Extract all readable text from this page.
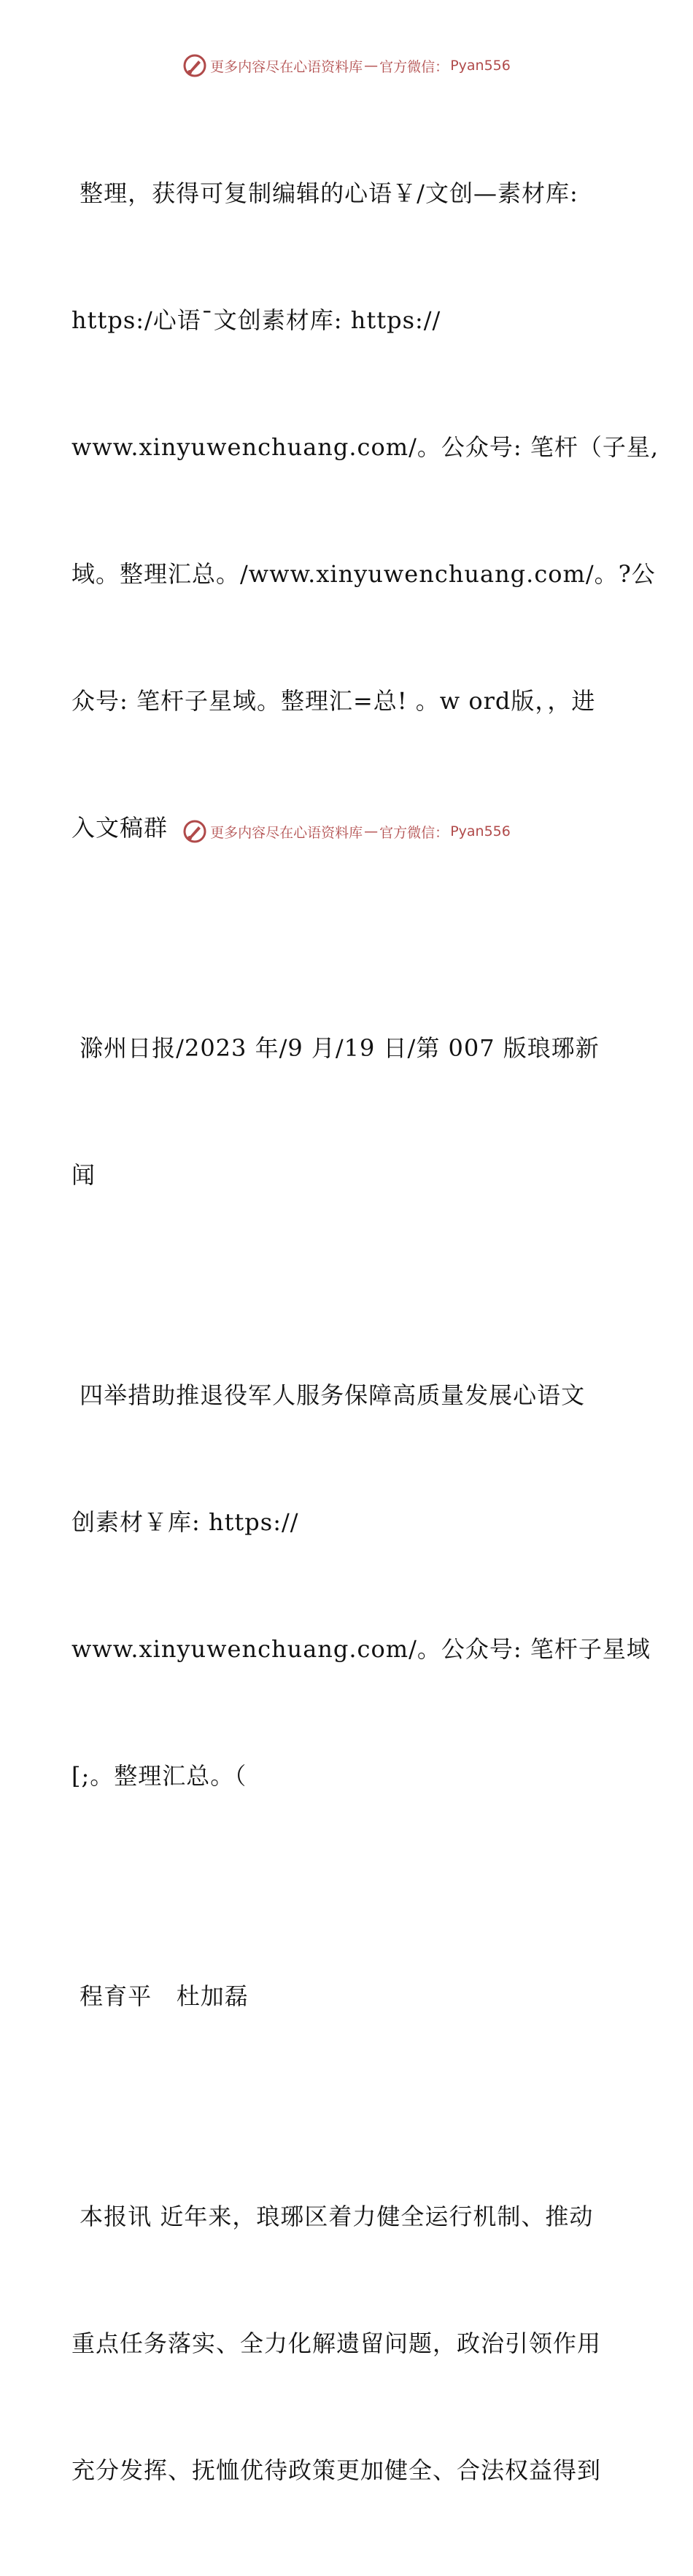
更多内容尽在心语资料库 — 官方微信： Pyan556

整理，获得可复制编辑的心语￥/文创—素材库:

https:/心语¯文创素材库: https://

www.xinyuwenchuang.com/。公众号: 笔杆（子星,

域。整理汇总。/www.xinyuwenchuang.com/。?公

众号: 笔杆子星域。整理汇=总! 。w ord版，，进

入文稿群

滁州日报/2023 年/9 月/19 日/第 007 版琅琊新

闻

四举措助推退役军人服务保障高质量发展心语文

创素材￥库: https://

www.xinyuwenchuang.com/。公众号: 笔杆子星域

[;。整理汇总。（

程育平   杜加磊

本报讯 近年来，琅琊区着力健全运行机制、推动

重点任务落实、全力化解遗留问题，政治引领作用

充分发挥、抚恤优待政策更加健全、合法权益得到

更多内容尽在心语资料库 — 官方微信： Pyan556
